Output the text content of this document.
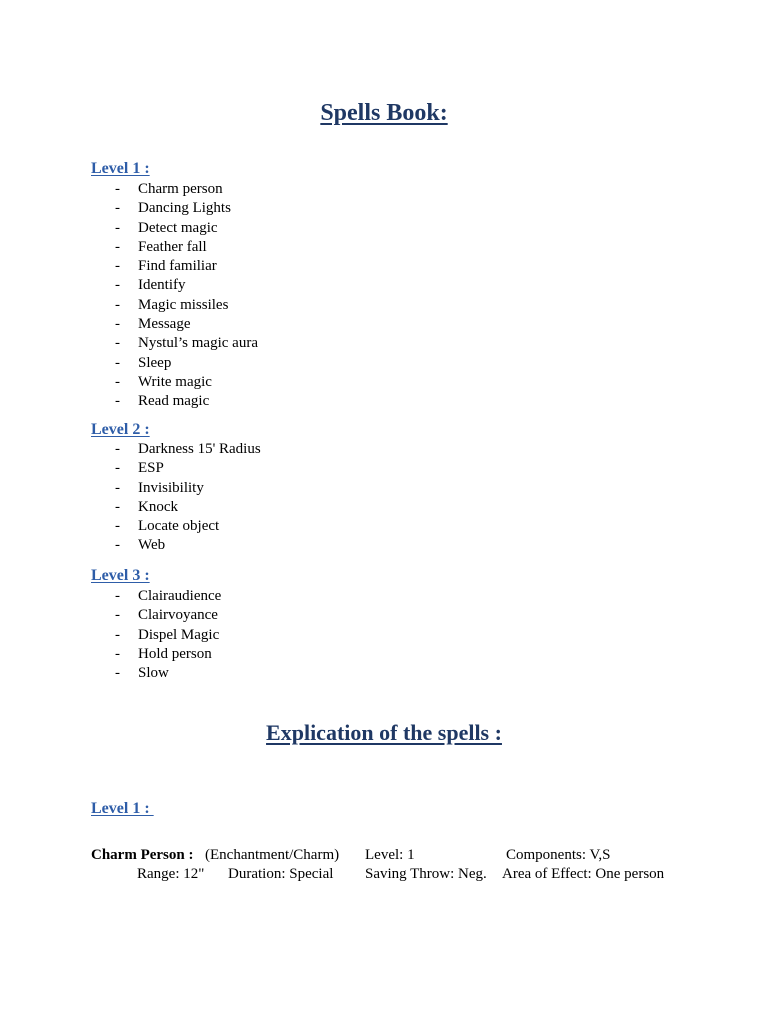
Spells Book:
Level 1 :
- Charm person
- Dancing Lights
- Detect magic
- Feather fall
- Find familiar
- Identify
- Magic missiles
- Message
- Nystul’s magic aura
- Sleep
- Write magic
- Read magic
Level 2 :
- Darkness 15' Radius
- ESP
- Invisibility
- Knock
- Locate object
- Web
Level 3 :
- Clairaudience
- Clairvoyance
- Dispel Magic
- Hold person
- Slow
Explication of the spells :
Level 1 :

Charm Person : (Enchantment/Charm) Level: 1	Components: V,S

Range: 12" Duration: Special Saving Throw: Neg. Area of Effect: One person
